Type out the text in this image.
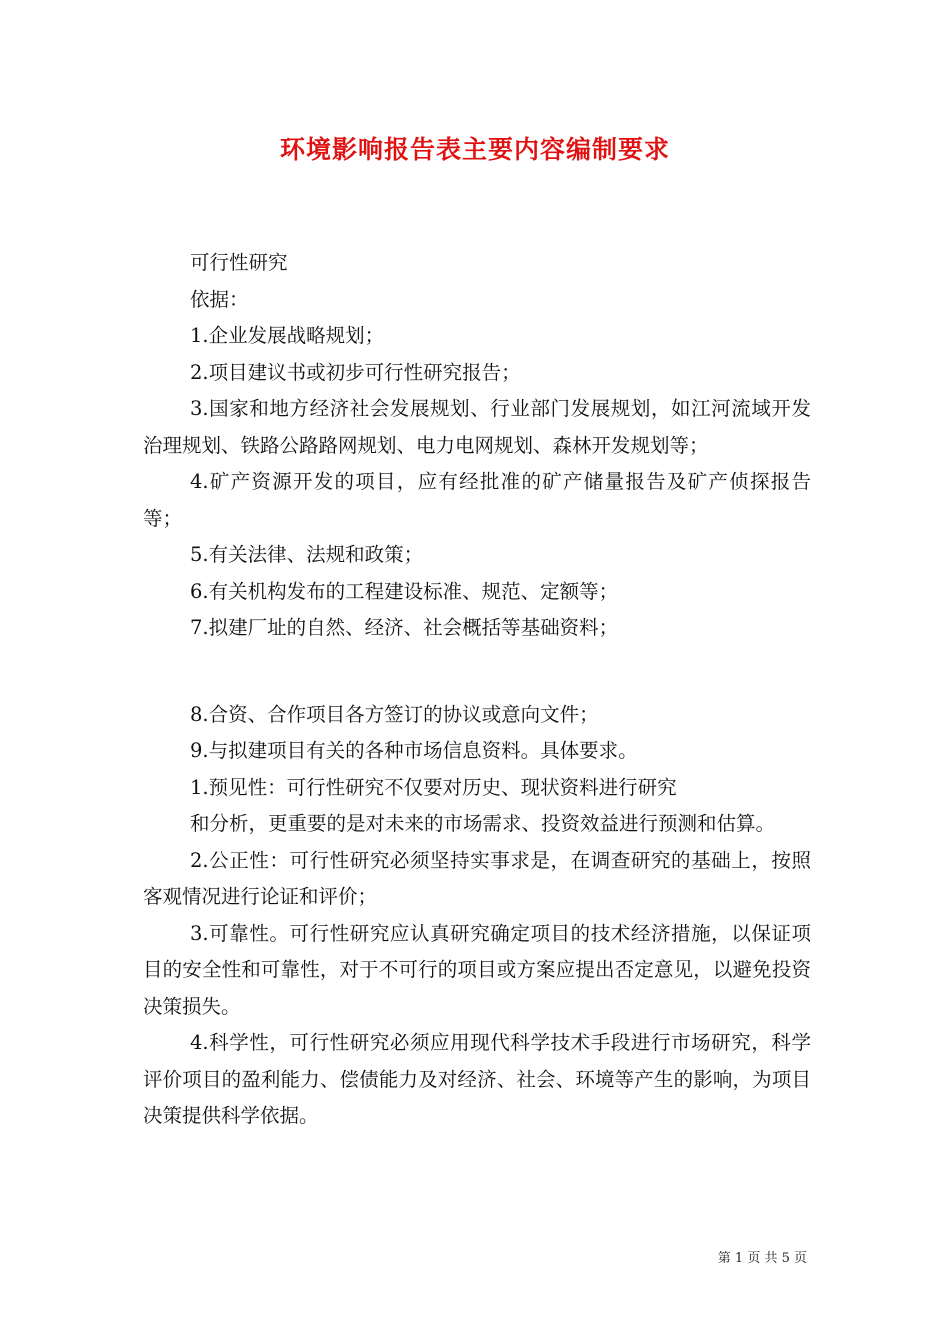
环境影响报告表主要内容编制要求

可行性研究

依据：

1.企业发展战略规划；

2.项目建议书或初步可行性研究报告；

3.国家和地方经济社会发展规划、行业部门发展规划，如江河流域开发治理规划、铁路公路路网规划、电力电网规划、森林开发规划等；

4.矿产资源开发的项目，应有经批准的矿产储量报告及矿产侦探报告等；

5.有关法律、法规和政策；

6.有关机构发布的工程建设标准、规范、定额等；

7.拟建厂址的自然、经济、社会概括等基础资料；

8.合资、合作项目各方签订的协议或意向文件；

9.与拟建项目有关的各种市场信息资料。具体要求。

1.预见性：可行性研究不仅要对历史、现状资料进行研究

和分析，更重要的是对未来的市场需求、投资效益进行预测和估算。

2.公正性：可行性研究必须坚持实事求是，在调查研究的基础上，按照客观情况进行论证和评价；

3.可靠性。可行性研究应认真研究确定项目的技术经济措施，以保证项目的安全性和可靠性，对于不可行的项目或方案应提出否定意见，以避免投资决策损失。

4.科学性，可行性研究必须应用现代科学技术手段进行市场研究，科学评价项目的盈利能力、偿债能力及对经济、社会、环境等产生的影响，为项目决策提供科学依据。

第 1 页 共 5 页
